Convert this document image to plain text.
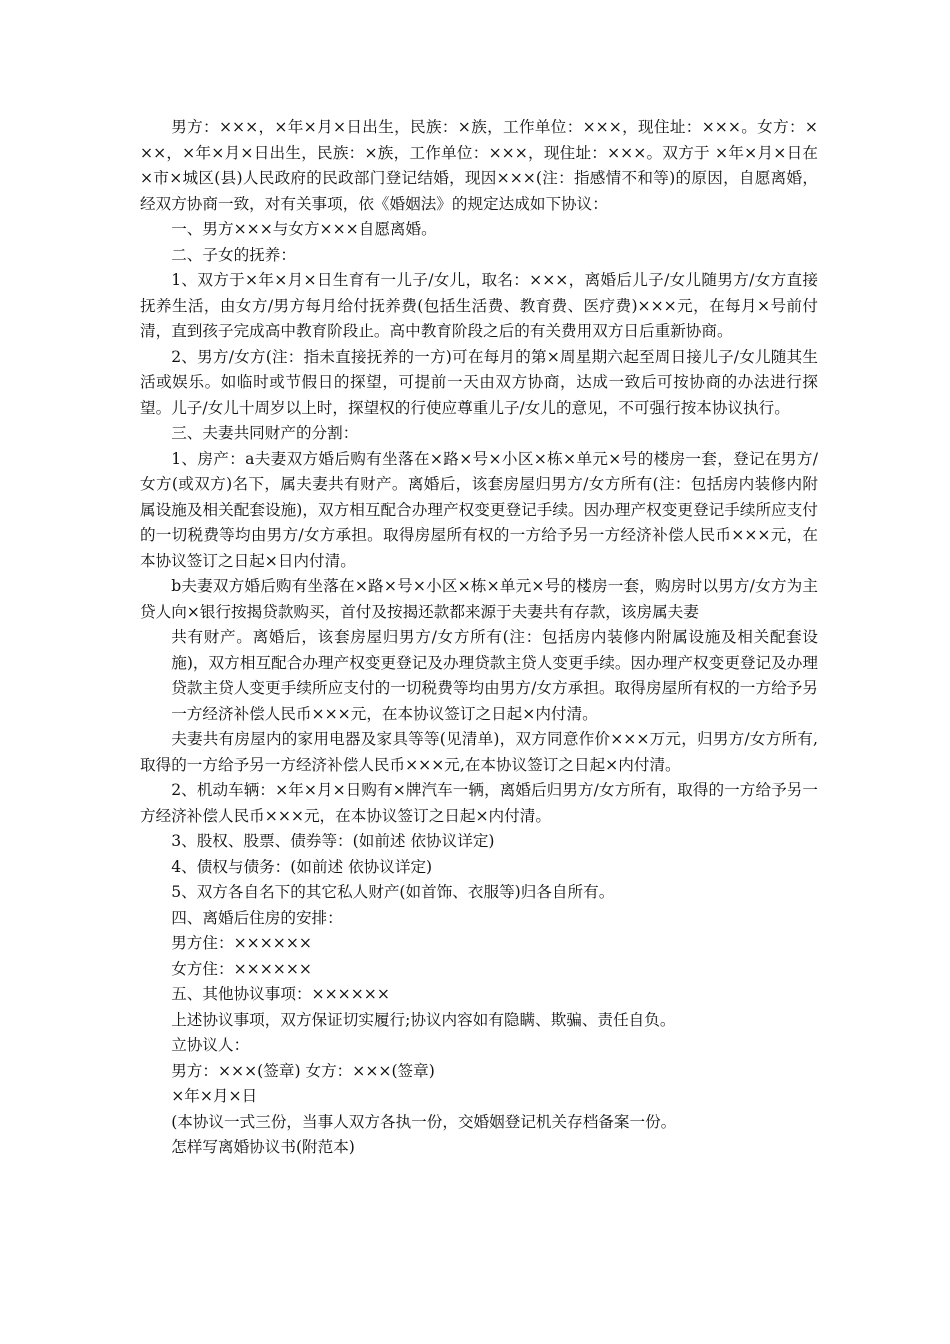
男方：×××，×年×月×日出生，民族：×族，工作单位：×××，现住址：×××。女方：×××，×年×月×日出生，民族：×族，工作单位：×××，现住址：×××。双方于 ×年×月×日在×市×城区(县)人民政府的民政部门登记结婚，现因×××(注：指感情不和等)的原因，自愿离婚，经双方协商一致，对有关事项，依《婚姻法》的规定达成如下协议：

一、男方×××与女方×××自愿离婚。

二、子女的抚养：

1、双方于×年×月×日生育有一儿子/女儿，取名：×××，离婚后儿子/女儿随男方/女方直接抚养生活，由女方/男方每月给付抚养费(包括生活费、教育费、医疗费)×××元，在每月×号前付清，直到孩子完成高中教育阶段止。高中教育阶段之后的有关费用双方日后重新协商。

2、男方/女方(注：指未直接抚养的一方)可在每月的第×周星期六起至周日接儿子/女儿随其生活或娱乐。如临时或节假日的探望，可提前一天由双方协商，达成一致后可按协商的办法进行探望。儿子/女儿十周岁以上时，探望权的行使应尊重儿子/女儿的意见，不可强行按本协议执行。

三、夫妻共同财产的分割：

1、房产：a夫妻双方婚后购有坐落在×路×号×小区×栋×单元×号的楼房一套，登记在男方/女方(或双方)名下，属夫妻共有财产。离婚后，该套房屋归男方/女方所有(注：包括房内装修内附属设施及相关配套设施)，双方相互配合办理产权变更登记手续。因办理产权变更登记手续所应支付的一切税费等均由男方/女方承担。取得房屋所有权的一方给予另一方经济补偿人民币×××元，在本协议签订之日起×日内付清。

b夫妻双方婚后购有坐落在×路×号×小区×栋×单元×号的楼房一套，购房时以男方/女方为主贷人向×银行按揭贷款购买，首付及按揭还款都来源于夫妻共有存款，该房属夫妻

共有财产。离婚后，该套房屋归男方/女方所有(注：包括房内装修内附属设施及相关配套设施)，双方相互配合办理产权变更登记及办理贷款主贷人变更手续。因办理产权变更登记及办理贷款主贷人变更手续所应支付的一切税费等均由男方/女方承担。取得房屋所有权的一方给予另一方经济补偿人民币×××元，在本协议签订之日起×内付清。

夫妻共有房屋内的家用电器及家具等等(见清单)，双方同意作价×××万元，归男方/女方所有,取得的一方给予另一方经济补偿人民币×××元,在本协议签订之日起×内付清。

2、机动车辆：×年×月×日购有×牌汽车一辆，离婚后归男方/女方所有，取得的一方给予另一方经济补偿人民币×××元，在本协议签订之日起×内付清。

3、股权、股票、债券等：(如前述 依协议详定)

4、债权与债务：(如前述 依协议详定)

5、双方各自名下的其它私人财产(如首饰、衣服等)归各自所有。

四、离婚后住房的安排：

男方住：××××××

女方住：××××××

五、其他协议事项：××××××

上述协议事项，双方保证切实履行;协议内容如有隐瞒、欺骗、责任自负。

立协议人：

男方：×××(签章) 女方：×××(签章)

×年×月×日

(本协议一式三份，当事人双方各执一份，交婚姻登记机关存档备案一份。

怎样写离婚协议书(附范本)
